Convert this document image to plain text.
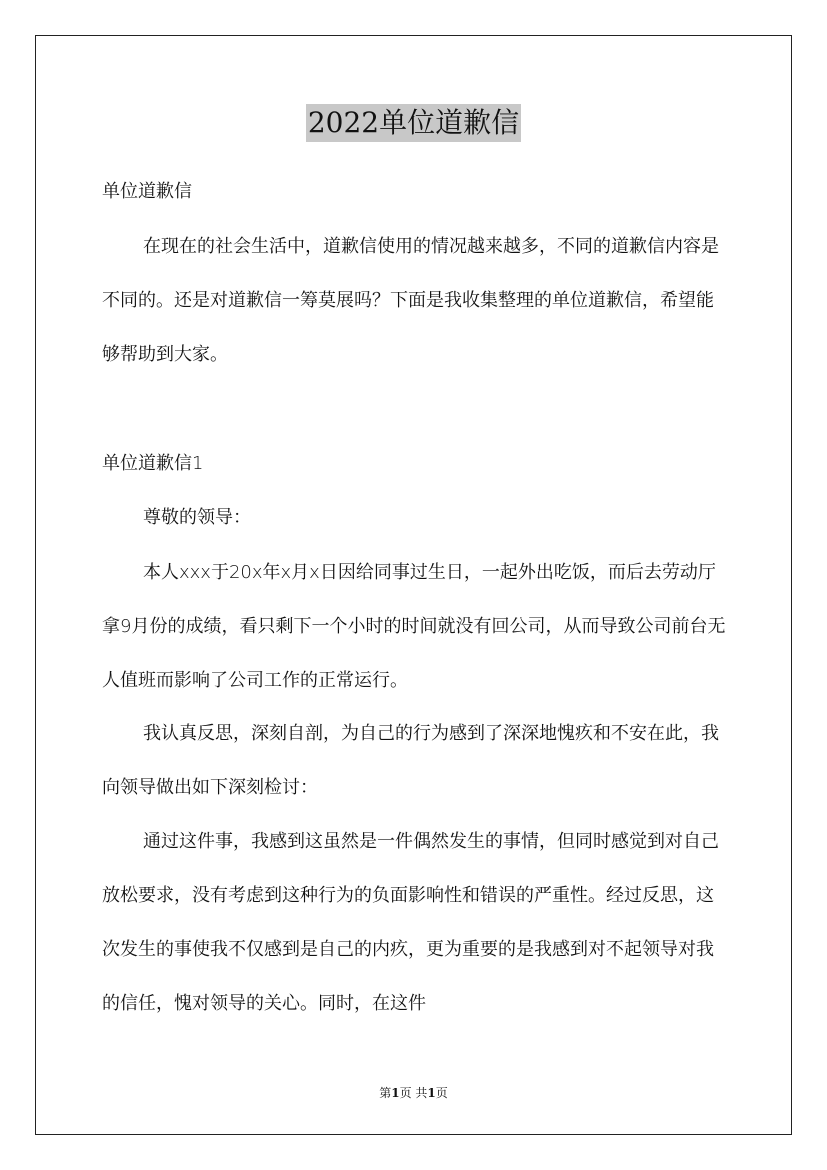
2022单位道歉信

单位道歉信

在现在的社会生活中，道歉信使用的情况越来越多，不同的道歉信内容是不同的。还是对道歉信一筹莫展吗？下面是我收集整理的单位道歉信，希望能够帮助到大家。

单位道歉信1

尊敬的领导：

本人xxx于20x年x月x日因给同事过生日，一起外出吃饭，而后去劳动厅拿9月份的成绩，看只剩下一个小时的时间就没有回公司，从而导致公司前台无人值班而影响了公司工作的正常运行。

我认真反思，深刻自剖，为自己的行为感到了深深地愧疚和不安在此，我向领导做出如下深刻检讨：

通过这件事，我感到这虽然是一件偶然发生的事情，但同时感觉到对自己放松要求，没有考虑到这种行为的负面影响性和错误的严重性。经过反思，这次发生的事使我不仅感到是自己的内疚，更为重要的是我感到对不起领导对我的信任，愧对领导的关心。同时，在这件

第1页 共1页
